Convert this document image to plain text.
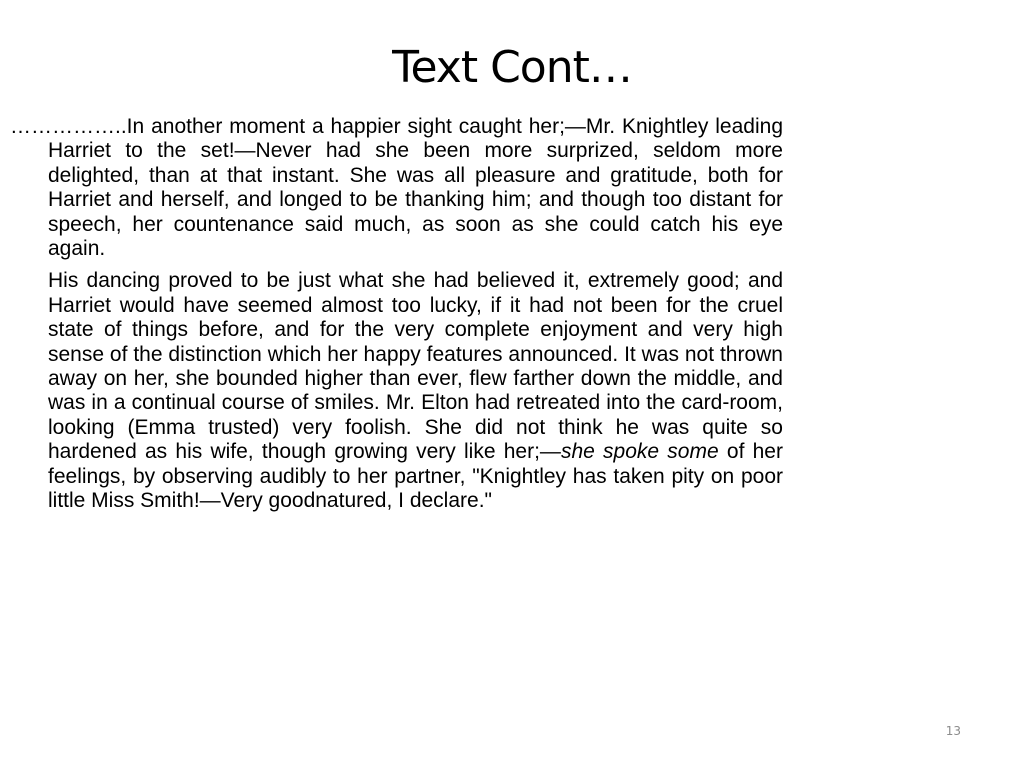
Text Cont…

……………..In another moment a happier sight caught her;—Mr. Knightley leading Harriet to the set!—Never had she been more surprized, seldom more delighted, than at that instant. She was all pleasure and gratitude, both for Harriet and herself, and longed to be thanking him; and though too distant for speech, her countenance said much, as soon as she could catch his eye again.

His dancing proved to be just what she had believed it, extremely good; and Harriet would have seemed almost too lucky, if it had not been for the cruel state of things before, and for the very complete enjoyment and very high sense of the distinction which her happy features announced. It was not thrown away on her, she bounded higher than ever, flew farther down the middle, and was in a continual course of smiles. Mr. Elton had retreated into the card-room, looking (Emma trusted) very foolish. She did not think he was quite so hardened as his wife, though growing very like her;—she spoke some of her feelings, by observing audibly to her partner, "Knightley has taken pity on poor little Miss Smith!—Very goodnatured, I declare."

13
